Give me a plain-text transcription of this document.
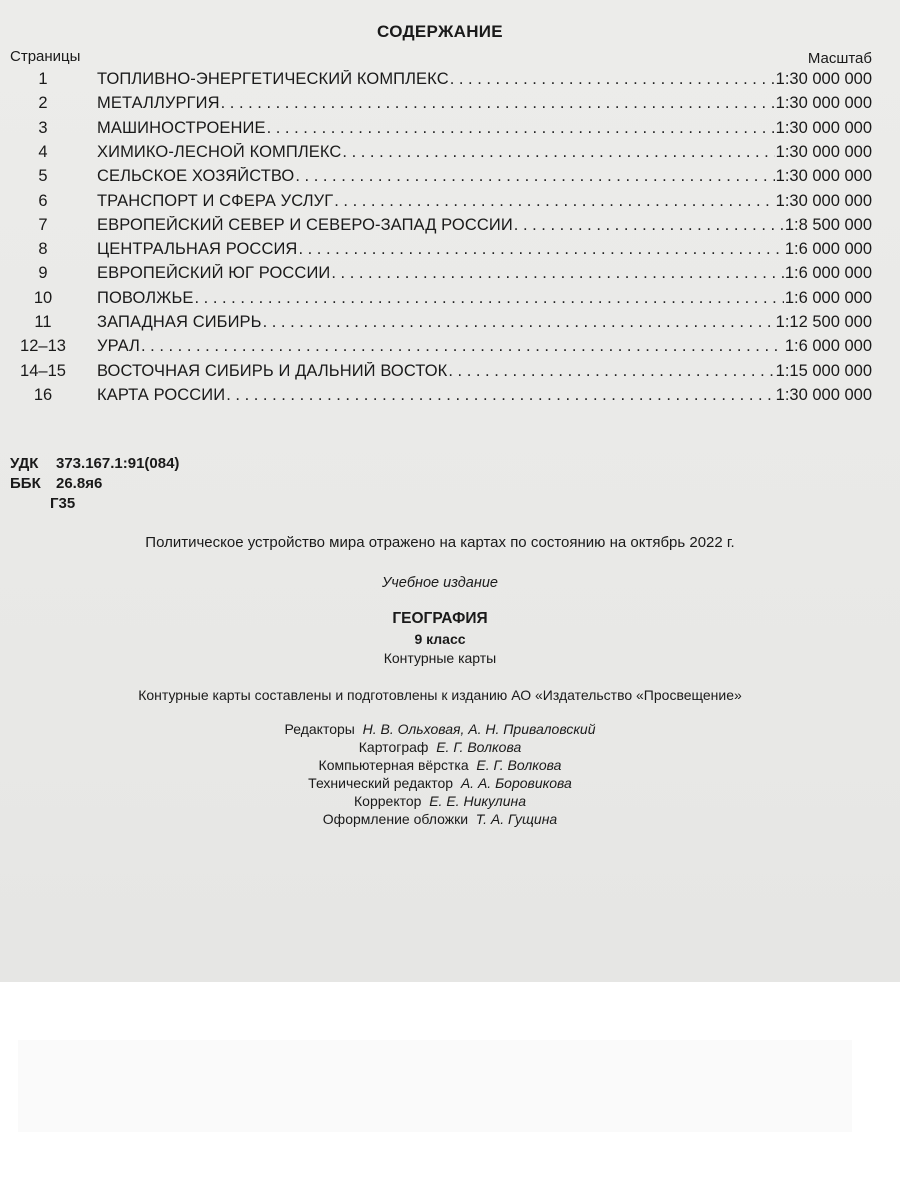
СОДЕРЖАНИЕ
Страницы	Масштаб
1	ТОПЛИВНО-ЭНЕРГЕТИЧЕСКИЙ КОМПЛЕКС . . .	1:30 000 000
2	МЕТАЛЛУРГИЯ . . .	1:30 000 000
3	МАШИНОСТРОЕНИЕ . . .	1:30 000 000
4	ХИМИКО-ЛЕСНОЙ КОМПЛЕКС . . .	1:30 000 000
5	СЕЛЬСКОЕ ХОЗЯЙСТВО . . .	1:30 000 000
6	ТРАНСПОРТ И СФЕРА УСЛУГ . . .	1:30 000 000
7	ЕВРОПЕЙСКИЙ СЕВЕР И СЕВЕРО-ЗАПАД РОССИИ . . .	1:8 500 000
8	ЦЕНТРАЛЬНАЯ РОССИЯ . . .	1:6 000 000
9	ЕВРОПЕЙСКИЙ ЮГ РОССИИ . . .	1:6 000 000
10	ПОВОЛЖЬЕ . . .	1:6 000 000
11	ЗАПАДНАЯ СИБИРЬ . . .	1:12 500 000
12–13	УРАЛ . . .	1:6 000 000
14–15	ВОСТОЧНАЯ СИБИРЬ И ДАЛЬНИЙ ВОСТОК . . .	1:15 000 000
16	КАРТА РОССИИ . . .	1:30 000 000
УДК 373.167.1:91(084)
ББК 26.8я6
Г35
Политическое устройство мира отражено на картах по состоянию на октябрь 2022 г.
Учебное издание
ГЕОГРАФИЯ
9 класс
Контурные карты
Контурные карты составлены и подготовлены к изданию АО «Издательство «Просвещение»
Редакторы Н. В. Ольховая, А. Н. Приваловский
Картограф Е. Г. Волкова
Компьютерная вёрстка Е. Г. Волкова
Технический редактор А. А. Боровикова
Корректор Е. Е. Никулина
Оформление обложки Т. А. Гущина
